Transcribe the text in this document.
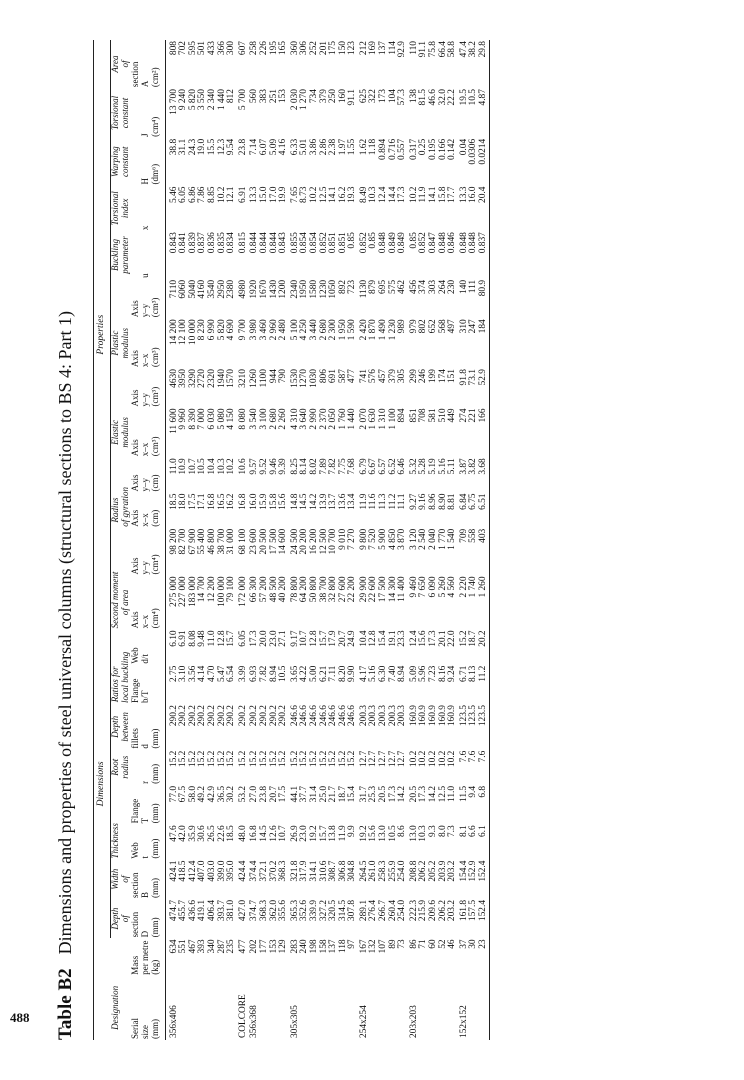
488 Table B2Dimensions and properties of steel universal columns (structural sections to BS 4: Part 1)
		Dimensions								Properties												
Designation		Depth	Width	Thickness		Root	Depth	Ratios for		Second moment		Radius		Elastic		Plastic		Buckling	Torsional	Warping	Torsional	Area
		of	of			radius	between	local buckling		of area		of gyration		modulus		modulus		parameter	index	constant	constant	of
Serial	Mass	section	section	Web	Flange		fillets	Flange	Web	Axis	Axis	Axis	Axis	Axis	Axis	Axis	Axis					section
size	per metre	D	B	t	T	r	d	b/T	d/t	x–x	y–y	x–x	y–y	x–x	y–y	x–x	y–y	u	x	H	J	A
(mm)	(kg)	(mm)	(mm)	(mm)	(mm)	(mm)	(mm)			(cm⁴)	(cm⁴)	(cm)	(cm)	(cm³)	(cm³)	(cm³)	(cm³)			(dm⁶)	(cm⁴)	(cm²)
356x406	634	474.7	424.1	47.6	77.0	15.2	290.2	2.75	6.10	275 000	98 200	18.5	11.0	11 600	4630	14 200	7110	0.843	5.46	38.8	13 700	808
	551	455.7	418.5	42.0	67.5	15.2	290.2	3.10	6.91	227 000	82 700	18.0	10.9	9 960	3950	12 100	6060	0.841	6.05	31.1	9 240	702
	467	436.6	412.4	35.9	58.0	15.2	290.2	3.56	8.08	183 000	67 900	17.5	10.7	8 390	3290	10 000	5040	0.839	6.86	24.3	5 820	595
	393	419.1	407.0	30.6	49.2	15.2	290.2	4.14	9.48	14 700	55 400	17.1	10.5	7 000	2720	8 230	4160	0.837	7.86	19.0	3 550	501
	340	406.4	403.0	26.5	42.9	15.2	290.2	4.70	11.0	12 200	46 800	16.8	10.4	6 030	2320	6 990	3540	0.836	8.85	15.5	2 340	433
	287	393.7	399.0	22.6	36.5	15.2	290.2	5.47	12.8	100 000	38 700	16.5	10.3	5 080	1940	5 820	2950	0.835	10.2	12.3	1 440	366
	235	381.0	395.0	18.5	30.2	15.2	290.2	6.54	15.7	79 100	31 000	16.2	10.2	4 150	1570	4 690	2380	0.834	12.1	9.54	812	300
COLCORE	477	427.0	424.4	48.0	53.2	15.2	290.2	3.99	6.05	172 000	68 100	16.8	10.6	8 080	3210	9 700	4980	0.815	6.91	23.8	5 700	607
356x368	202	374.7	374.4	16.8	27.0	15.2	290.2	6.93	17.3	66 300	23 600	16.0	9.57	3 540	1260	3 980	1920	0.844	13.3	7.14	560	258
	177	368.3	372.1	14.5	23.8	15.2	290.2	7.82	20.0	57 200	20 500	15.9	9.52	3 100	1100	3 460	1670	0.844	15.0	6.07	383	226
	153	362.0	370.2	12.6	20.7	15.2	290.2	8.94	23.0	48 500	17 500	15.8	9.46	2 680	944	2 960	1430	0.844	17.0	5.09	251	195
	129	355.6	368.3	10.7	17.5	15.2	290.2	10.5	27.1	40 200	14 600	15.6	9.39	2 260	790	2 480	1200	0.843	19.9	4.16	153	165
305x305	283	365.3	321.8	26.9	44.1	15.2	246.6	3.65	9.17	78 800	24 500	14.8	8.25	4 310	1530	5 100	2340	0.855	7.65	6.33	2 030	360
	240	352.6	317.9	23.0	37.7	15.2	246.6	4.22	10.7	64 200	20 200	14.5	8.14	3 640	1270	4 250	1950	0.854	8.73	5.01	1 270	306
	198	339.9	314.1	19.2	31.4	15.2	246.6	5.00	12.8	50 800	16 200	14.2	8.02	2 990	1030	3 440	1580	0.854	10.2	3.86	734	252
	158	327.2	310.6	15.7	25.0	15.2	246.6	6.21	15.7	38 700	12 500	13.9	7.89	2 370	806	2 680	1230	0.852	12.5	2.86	379	201
	137	320.5	308.7	13.8	21.7	15.2	246.6	7.11	17.9	32 800	10 700	13.7	7.82	2 050	691	2 300	1050	0.851	14.1	2.38	250	175
	118	314.5	306.8	11.9	18.7	15.2	246.6	8.20	20.7	27 600	9 010	13.6	7.75	1 760	587	1 950	892	0.851	16.2	1.97	160	150
	97	307.8	304.8	9.9	15.4	15.2	246.6	9.90	24.9	22 200	7 270	13.4	7.68	1 440	477	1 590	723	0.85	19.3	1.55	91.1	123
254x254	167	289.1	264.5	19.2	31.7	12.7	200.3	4.17	10.4	29 900	9 800	11.9	6.79	2 070	741	2 420	1130	0.852	8.49	1.62	625	212
	132	276.4	261.0	15.6	25.3	12.7	200.3	5.16	12.8	22 600	7 520	11.6	6.67	1 630	576	1 870	879	0.85	10.3	1.18	322	169
	107	266.7	258.3	13.0	20.5	12.7	200.3	6.30	15.4	17 500	5 900	11.3	6.57	1 310	457	1 490	695	0.848	12.4	0.894	173	137
	89	260.4	255.9	10.5	17.3	12.7	200.3	7.40	19.1	14 300	4 850	11.2	6.52	1 100	379	1 230	575	0.849	14.4	0.716	104	114
	73	254.0	254.0	8.6	14.2	12.7	200.3	8.94	23.3	11 400	3 870	11.1	6.46	894	305	989	462	0.849	17.3	0.557	57.3	92.9
203x203	86	222.3	208.8	13.0	20.5	10.2	160.9	5.09	12.4	9 460	3 120	9.27	5.32	851	299	979	456	0.85	10.2	0.317	138	110
	71	215.9	206.2	10.3	17.3	10.2	160.9	5.96	15.6	7 650	2 540	9.16	5.28	708	246	802	374	0.852	11.9	0.25	81.5	91.1
	60	209.6	205.2	9.3	14.2	10.2	160.9	7.23	17.3	6 090	2 040	8.96	5.19	581	199	652	303	0.847	14.1	0.195	46.6	75.8
	52	206.2	203.9	8.0	12.5	10.2	160.9	8.16	20.1	5 260	1 770	8.90	5.16	510	174	568	264	0.848	15.8	0.166	32.0	66.4
	46	203.2	203.2	7.3	11.0	10.2	160.9	9.24	22.0	4 560	1 540	8.81	5.11	449	151	497	230	0.846	17.7	0.142	22.2	58.8
152x152	37	161.8	154.4	8.1	11.5	7.6	123.5	6.71	15.2	2 220	709	6.84	3.87	274	91.8	310	140	0.848	13.3	0.04	19.5	47.4
	30	157.5	152.9	6.6	9.4	7.6	123.5	8.13	18.7	1 740	558	6.75	3.82	221	73.1	247	111	0.848	16.0	0.0306	10.5	38.2
	23	152.4	152.4	6.1	6.8	7.6	123.5	11.2	20.2	1 260	403	6.51	3.68	166	52.9	184	80.9	0.837	20.4	0.0214	4.87	29.8
